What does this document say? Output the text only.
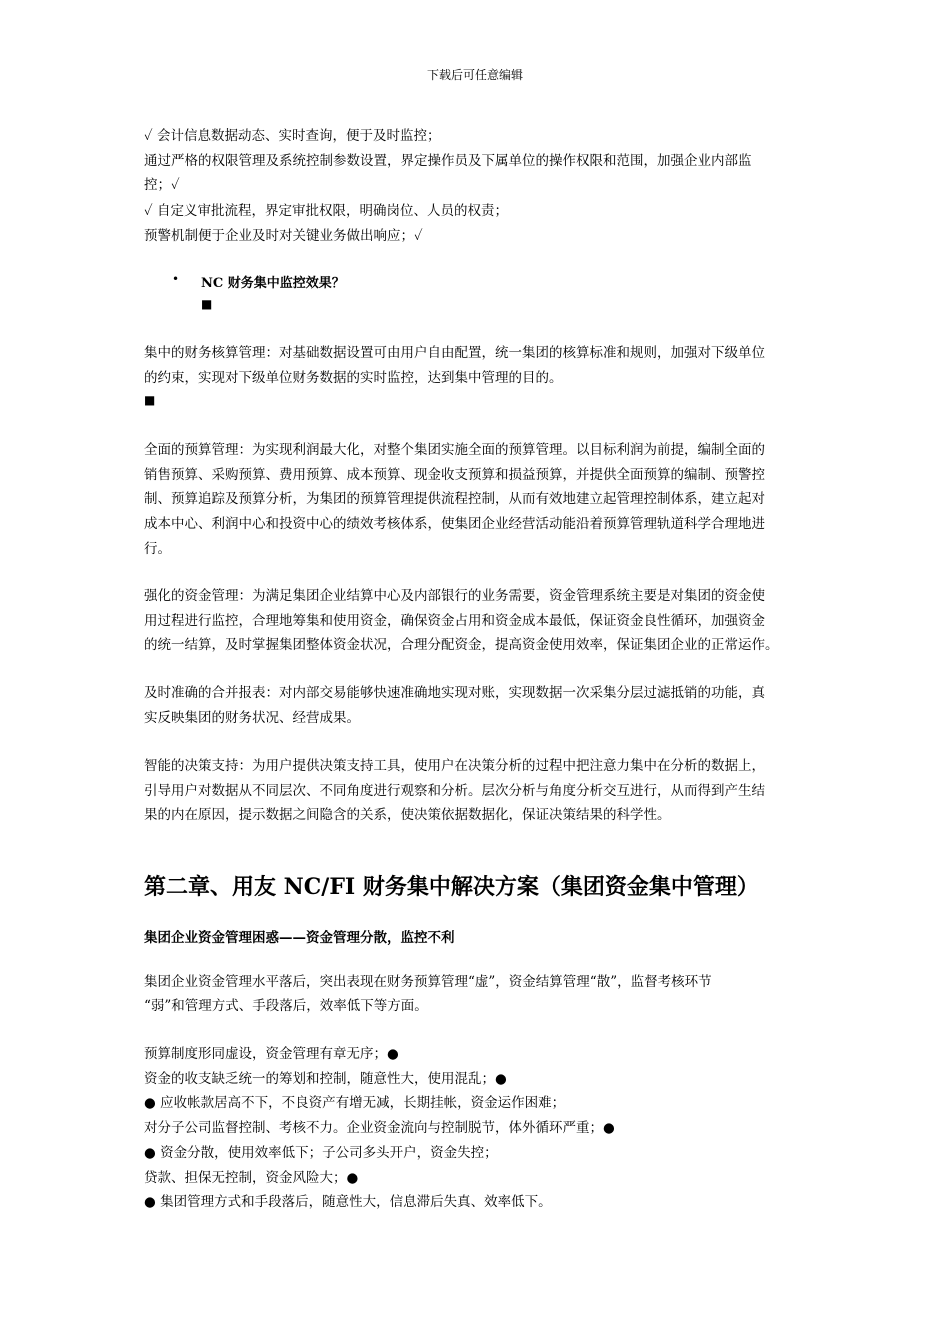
下载后可任意编辑
✓ 会计信息数据动态、实时查询，便于及时监控；
通过严格的权限管理及系统控制参数设置，界定操作员及下属单位的操作权限和范围，加强企业内部监
控；✓
✓ 自定义审批流程，界定审批权限，明确岗位、人员的权责；
预警机制便于企业及时对关键业务做出响应；✓
• NC 财务集中监控效果？
■
集中的财务核算管理：对基础数据设置可由用户自由配置，统一集团的核算标准和规则，加强对下级单位
的约束，实现对下级单位财务数据的实时监控，达到集中管理的目的。
■
全面的预算管理：为实现利润最大化，对整个集团实施全面的预算管理。以目标利润为前提，编制全面的
销售预算、采购预算、费用预算、成本预算、现金收支预算和损益预算，并提供全面预算的编制、预警控
制、预算追踪及预算分析，为集团的预算管理提供流程控制，从而有效地建立起管理控制体系，建立起对
成本中心、利润中心和投资中心的绩效考核体系，使集团企业经营活动能沿着预算管理轨道科学合理地进
行。
强化的资金管理：为满足集团企业结算中心及内部银行的业务需要，资金管理系统主要是对集团的资金使
用过程进行监控，合理地筹集和使用资金，确保资金占用和资金成本最低，保证资金良性循环，加强资金
的统一结算，及时掌握集团整体资金状况，合理分配资金，提高资金使用效率，保证集团企业的正常运作。
及时准确的合并报表：对内部交易能够快速准确地实现对账，实现数据一次采集分层过滤抵销的功能，真
实反映集团的财务状况、经营成果。
智能的决策支持：为用户提供决策支持工具，使用户在决策分析的过程中把注意力集中在分析的数据上，
引导用户对数据从不同层次、不同角度进行观察和分析。层次分析与角度分析交互进行，从而得到产生结
果的内在原因，提示数据之间隐含的关系，使决策依据数据化，保证决策结果的科学性。
第二章、用友 NC/FI 财务集中解决方案（集团资金集中管理）
集团企业资金管理困惑——资金管理分散，监控不利
集团企业资金管理水平落后，突出表现在财务预算管理“虚”，资金结算管理“散”，监督考核环节
“弱”和管理方式、手段落后，效率低下等方面。
预算制度形同虚设，资金管理有章无序；●
资金的收支缺乏统一的筹划和控制，随意性大，使用混乱；●
● 应收帐款居高不下，不良资产有增无减，长期挂帐，资金运作困难；
对分子公司监督控制、考核不力。企业资金流向与控制脱节，体外循环严重；●
● 资金分散，使用效率低下；子公司多头开户，资金失控；
贷款、担保无控制，资金风险大；●
● 集团管理方式和手段落后，随意性大，信息滞后失真、效率低下。
